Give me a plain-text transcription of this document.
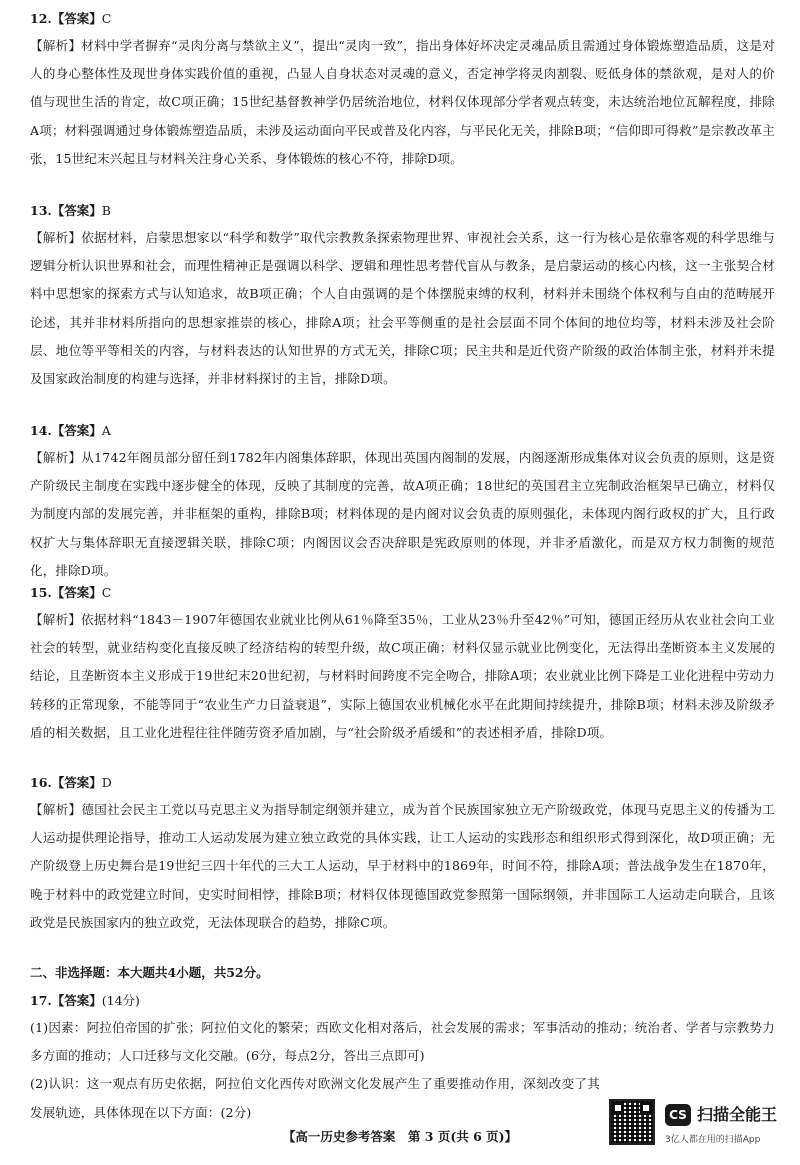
12.【答案】C

【解析】材料中学者摒弃“灵肉分离与禁欲主义”，提出“灵肉一致”，指出身体好坏决定灵魂品质且需通过身体锻炼塑造品质，这是对人的身心整体性及现世身体实践价值的重视，凸显人自身状态对灵魂的意义，否定神学将灵肉割裂、贬低身体的禁欲观，是对人的价值与现世生活的肯定，故C项正确；15世纪基督教神学仍居统治地位，材料仅体现部分学者观点转变，未达统治地位瓦解程度，排除A项；材料强调通过身体锻炼塑造品质，未涉及运动面向平民或普及化内容，与平民化无关，排除B项；“信仰即可得救”是宗教改革主张，15世纪末兴起且与材料关注身心关系、身体锻炼的核心不符，排除D项。

13.【答案】B

【解析】依据材料，启蒙思想家以“科学和数学”取代宗教教条探索物理世界、审视社会关系，这一行为核心是依靠客观的科学思维与逻辑分析认识世界和社会，而理性精神正是强调以科学、逻辑和理性思考替代盲从与教条，是启蒙运动的核心内核，这一主张契合材料中思想家的探索方式与认知追求，故B项正确；个人自由强调的是个体摆脱束缚的权利，材料并未围绕个体权利与自由的范畴展开论述，其并非材料所指向的思想家推崇的核心，排除A项；社会平等侧重的是社会层面不同个体间的地位均等，材料未涉及社会阶层、地位等平等相关的内容，与材料表达的认知世界的方式无关，排除C项；民主共和是近代资产阶级的政治体制主张，材料并未提及国家政治制度的构建与选择，并非材料探讨的主旨，排除D项。

14.【答案】A

【解析】从1742年阁员部分留任到1782年内阁集体辞职，体现出英国内阁制的发展，内阁逐渐形成集体对议会负责的原则，这是资产阶级民主制度在实践中逐步健全的体现，反映了其制度的完善，故A项正确；18世纪的英国君主立宪制政治框架早已确立，材料仅为制度内部的发展完善，并非框架的重构，排除B项；材料体现的是内阁对议会负责的原则强化，未体现内阁行政权的扩大，且行政权扩大与集体辞职无直接逻辑关联，排除C项；内阁因议会否决辞职是宪政原则的体现，并非矛盾激化，而是双方权力制衡的规范化，排除D项。

15.【答案】C

【解析】依据材料“1843－1907年德国农业就业比例从61％降至35％，工业从23％升至42％”可知，德国正经历从农业社会向工业社会的转型，就业结构变化直接反映了经济结构的转型升级，故C项正确；材料仅显示就业比例变化，无法得出垄断资本主义发展的结论，且垄断资本主义形成于19世纪末20世纪初，与材料时间跨度不完全吻合，排除A项；农业就业比例下降是工业化进程中劳动力转移的正常现象，不能等同于“农业生产力日益衰退”，实际上德国农业机械化水平在此期间持续提升，排除B项；材料未涉及阶级矛盾的相关数据，且工业化进程往往伴随劳资矛盾加剧，与“社会阶级矛盾缓和”的表述相矛盾，排除D项。

16.【答案】D

【解析】德国社会民主工党以马克思主义为指导制定纲领并建立，成为首个民族国家独立无产阶级政党，体现马克思主义的传播为工人运动提供理论指导，推动工人运动发展为建立独立政党的具体实践，让工人运动的实践形态和组织形式得到深化，故D项正确；无产阶级登上历史舞台是19世纪三四十年代的三大工人运动，早于材料中的1869年，时间不符，排除A项；普法战争发生在1870年，晚于材料中的政党建立时间，史实时间相悖，排除B项；材料仅体现德国政党参照第一国际纲领，并非国际工人运动走向联合，且该政党是民族国家内的独立政党，无法体现联合的趋势，排除C项。

二、非选择题：本大题共4小题，共52分。
17.【答案】(14分)

(1)因素：阿拉伯帝国的扩张；阿拉伯文化的繁荣；西欧文化相对落后，社会发展的需求；军事活动的推动；统治者、学者与宗教势力多方面的推动；人口迁移与文化交融。(6分，每点2分，答出三点即可)

(2)认识：这一观点有历史依据，阿拉伯文化西传对欧洲文化发展产生了重要推动作用，深刻改变了其发展轨迹，具体体现在以下方面：(2分)

【高一历史参考答案　第 3 页(共 6 页)】
CS 扫描全能王
3亿人都在用的扫描App
